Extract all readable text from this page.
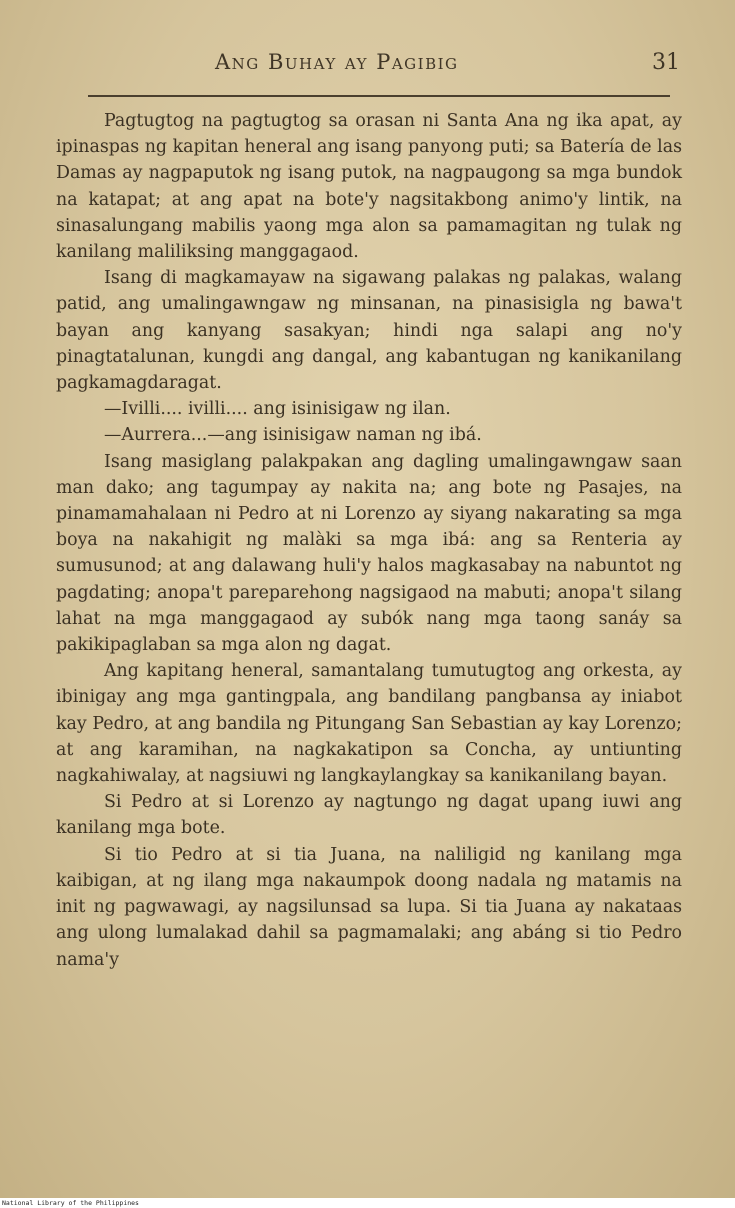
Ang Buhay ay Pagibig	31

Pagtugtog na pagtugtog sa orasan ni Santa Ana ng ika apat, ay ipinaspas ng kapitan heneral ang isang panyong puti; sa Batería de las Damas ay nagpaputok ng isang putok, na nagpaugong sa mga bundok na katapat; at ang apat na bote'y nagsitakbong animo'y lintik, na sinasalungang mabilis yaong mga alon sa pamamagitan ng tulak ng kanilang maliliksing manggagaod.

Isang di magkamayaw na sigawang palakas ng palakas, walang patid, ang umalingawngaw ng minsanan, na pinasisigla ng bawa't bayan ang kanyang sasakyan; hindi nga salapi ang no'y pinagtatalunan, kungdi ang dangal, ang kabantugan ng kanikanilang pagkamagdaragat.

—Ivilli.... ivilli.... ang isinisigaw ng ilan.

—Aurrera...—ang isinisigaw naman ng ibá.

Isang masiglang palakpakan ang dagling umalingawngaw saan man dako; ang tagumpay ay nakita na; ang bote ng Pasajes, na pinamamahalaan ni Pedro at ni Lorenzo ay siyang nakarating sa mga boya na nakahigit ng malàki sa mga ibá: ang sa Renteria ay sumusunod; at ang dalawang huli'y halos magkasabay na nabuntot ng pagdating; anopa't pareparehong nagsigaod na mabuti; anopa't silang lahat na mga manggagaod ay subók nang mga taong sanáy sa pakikipaglaban sa mga alon ng dagat.

Ang kapitang heneral, samantalang tumutugtog ang orkesta, ay ibinigay ang mga gantingpala, ang bandilang pangbansa ay iniabot kay Pedro, at ang bandila ng Pitungang San Sebastian ay kay Lorenzo; at ang karamihan, na nagkakatipon sa Concha, ay untiunting nagkahiwalay, at nagsiuwi ng langkaylangkay sa kanikanilang bayan.

Si Pedro at si Lorenzo ay nagtungo ng dagat upang iuwi ang kanilang mga bote.

Si tio Pedro at si tia Juana, na naliligid ng kanilang mga kaibigan, at ng ilang mga nakaumpok doong nadala ng matamis na init ng pagwawagi, ay nagsilunsad sa lupa. Si tia Juana ay nakataas ang ulong lumalakad dahil sa pagmamalaki; ang abáng si tio Pedro nama'y

National Library of the Philippines
